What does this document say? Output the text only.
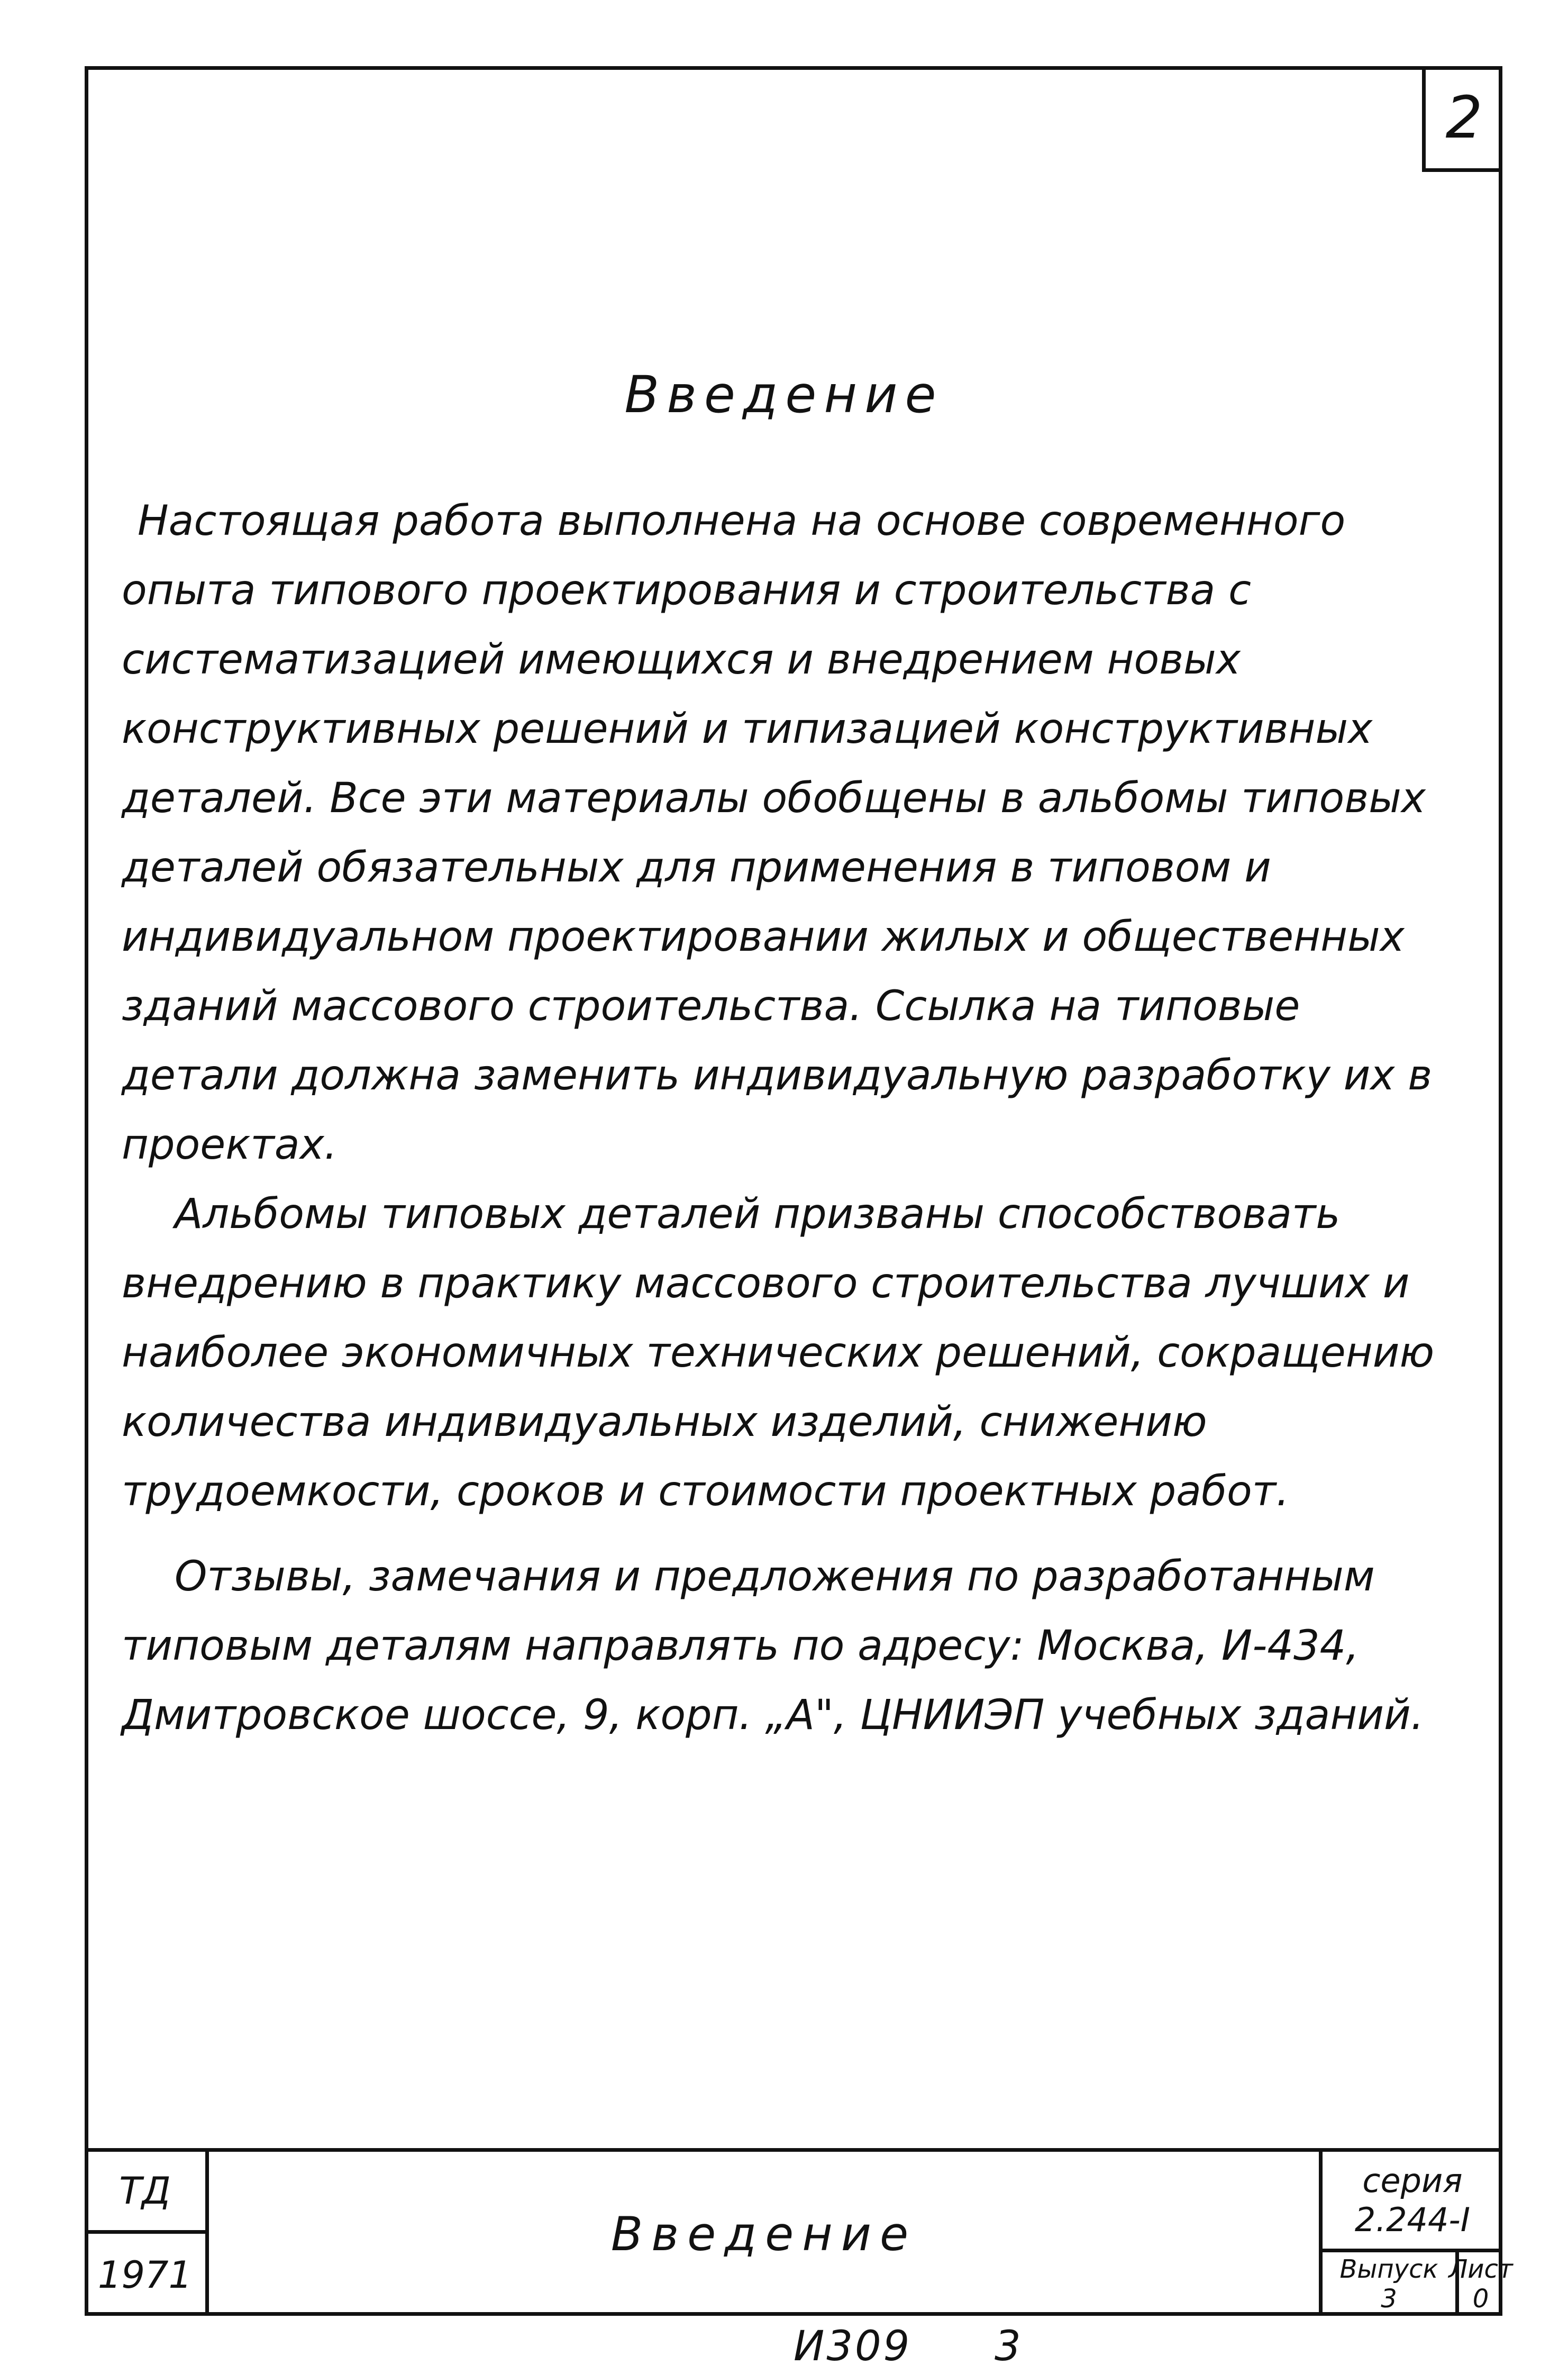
2
Введение

Настоящая работа выполнена на основе современного опыта типового проектирования и строительства с систематизацией имеющихся и внедрением новых конструктивных решений и типизацией конструктивных деталей. Все эти материалы обобщены в альбомы типовых деталей обязательных для применения в типовом и индивидуальном проектировании жилых и общественных зданий массового строительства. Ссылка на типовые детали должна заменить индивидуальную разработку их в проектах.

Альбомы типовых деталей призваны способствовать внедрению в практику массового строительства лучших и наиболее экономичных технических решений, сокращению количества индивидуальных изделий, снижению трудоемкости, сроков и стоимости проектных работ.

Отзывы, замечания и предложения по разработанным типовым деталям направлять по адресу: Москва, И-434, Дмитровское шоссе, 9, корп. „А", ЦНИИЭП учебных зданий.

ТД
1971
Введение
серия
2.244-I
Выпуск
3
Лист
0
И309 3
